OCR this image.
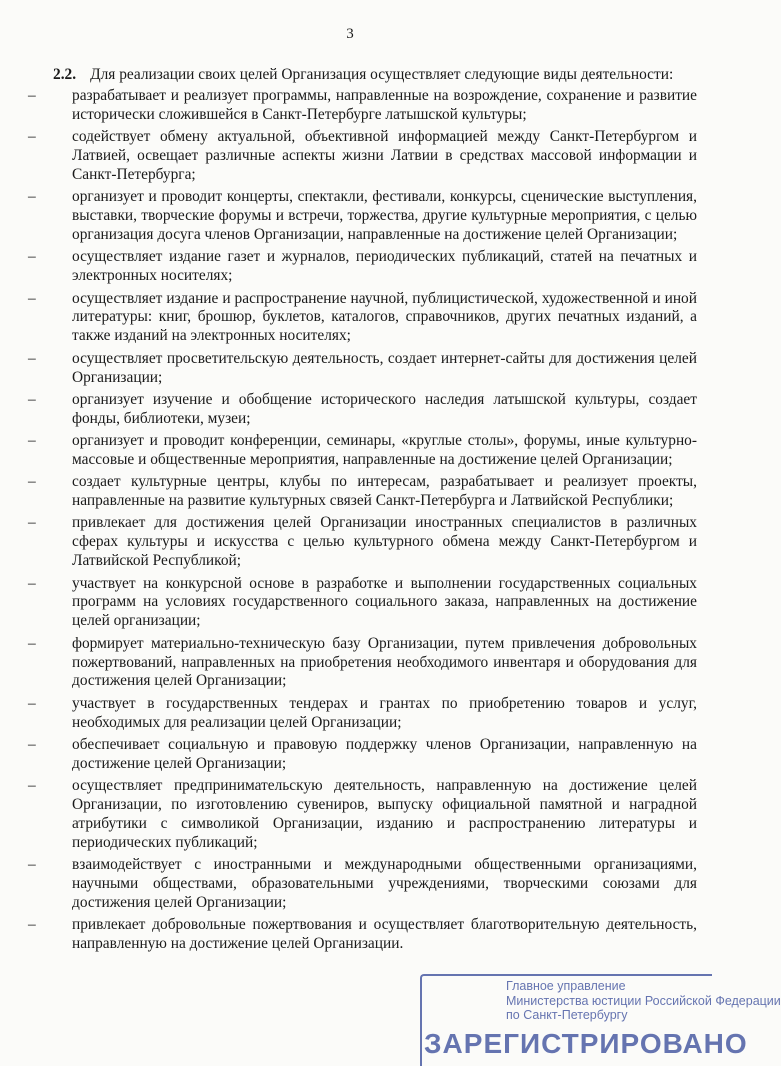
3

2.2. Для реализации своих целей Организация осуществляет следующие виды деятельности:

– разрабатывает и реализует программы, направленные на возрождение, сохранение и развитие исторически сложившейся в Санкт-Петербурге латышской культуры;
– содействует обмену актуальной, объективной информацией между Санкт-Петербургом и Латвией, освещает различные аспекты жизни Латвии в средствах массовой информации и Санкт-Петербурга;
– организует и проводит концерты, спектакли, фестивали, конкурсы, сценические выступления, выставки, творческие форумы и встречи, торжества, другие культурные мероприятия, с целью организация досуга членов Организации, направленные на достижение целей Организации;
– осуществляет издание газет и журналов, периодических публикаций, статей на печатных и электронных носителях;
– осуществляет издание и распространение научной, публицистической, художественной и иной литературы: книг, брошюр, буклетов, каталогов, справочников, других печатных изданий, а также изданий на электронных носителях;
– осуществляет просветительскую деятельность, создает интернет-сайты для достижения целей Организации;
– организует изучение и обобщение исторического наследия латышской культуры, создает фонды, библиотеки, музеи;
– организует и проводит конференции, семинары, «круглые столы», форумы, иные культурно-массовые и общественные мероприятия, направленные на достижение целей Организации;
– создает культурные центры, клубы по интересам, разрабатывает и реализует проекты, направленные на развитие культурных связей Санкт-Петербурга и Латвийской Республики;
– привлекает для достижения целей Организации иностранных специалистов в различных сферах культуры и искусства с целью культурного обмена между Санкт-Петербургом и Латвийской Республикой;
– участвует на конкурсной основе в разработке и выполнении государственных социальных программ на условиях государственного социального заказа, направленных на достижение целей организации;
– формирует материально-техническую базу Организации, путем привлечения добровольных пожертвований, направленных на приобретения необходимого инвентаря и оборудования для достижения целей Организации;
– участвует в государственных тендерах и грантах по приобретению товаров и услуг, необходимых для реализации целей Организации;
– обеспечивает социальную и правовую поддержку членов Организации, направленную на достижение целей Организации;
– осуществляет предпринимательскую деятельность, направленную на достижение целей Организации, по изготовлению сувениров, выпуску официальной памятной и наградной атрибутики с символикой Организации, изданию и распространению литературы и периодических публикаций;
– взаимодействует с иностранными и международными общественными организациями, научными обществами, образовательными учреждениями, творческими союзами для достижения целей Организации;
– привлекает добровольные пожертвования и осуществляет благотворительную деятельность, направленную на достижение целей Организации.
Главное управление
Министерства юстиции Российской Федерации
по Санкт-Петербургу
ЗАРЕГИСТРИРОВАНО
